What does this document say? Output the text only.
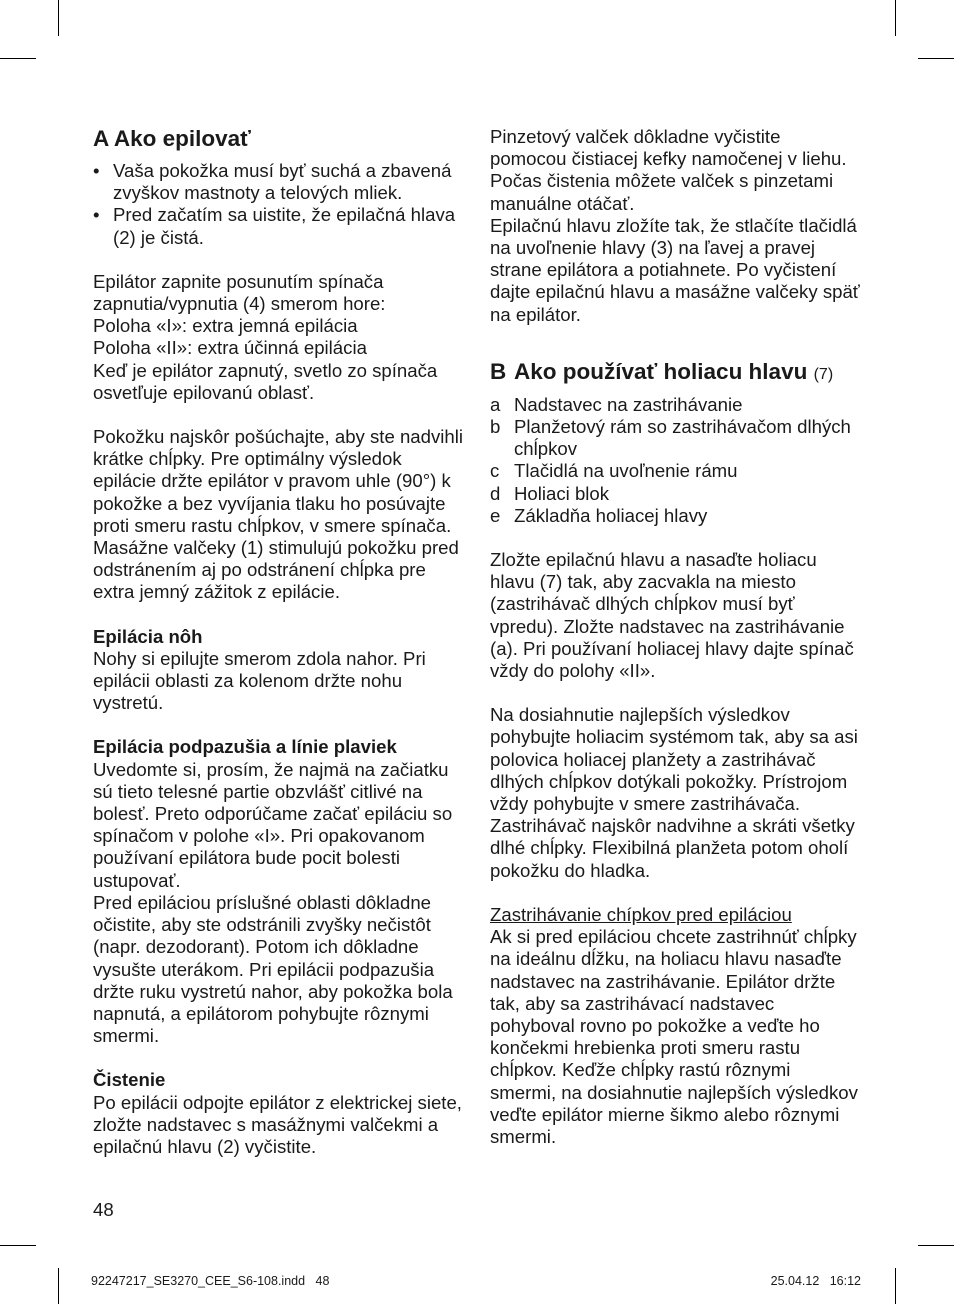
A Ako epilovať
• Vaša pokožka musí byť suchá a zbavená zvyškov mastnoty a telových mliek.
• Pred začatím sa uistite, že epilačná hlava (2) je čistá.

Epilátor zapnite posunutím spínača zapnutia/vypnutia (4) smerom hore:

Poloha «I»: extra jemná epilácia

Poloha «II»: extra účinná epilácia

Keď je epilátor zapnutý, svetlo zo spínača osvetľuje epilovanú oblasť.

Pokožku najskôr pošúchajte, aby ste nadvihli krátke chĺpky. Pre optimálny výsledok epilácie držte epilátor v pravom uhle (90°) k pokožke a bez vyvíjania tlaku ho posúvajte proti smeru rastu chĺpkov, v smere spínača. Masážne valčeky (1) stimulujú pokožku pred odstránením aj po odstránení chĺpka pre extra jemný zážitok z epilácie.

Epilácia nôh

Nohy si epilujte smerom zdola nahor. Pri epilácii oblasti za kolenom držte nohu vystretú.

Epilácia podpazušia a línie plaviek

Uvedomte si, prosím, že najmä na začiatku sú tieto telesné partie obzvlášť citlivé na bolesť. Preto odporúčame začať epiláciu so spínačom v polohe «I». Pri opakovanom používaní epilátora bude pocit bolesti ustupovať.

Pred epiláciou príslušné oblasti dôkladne očistite, aby ste odstránili zvyšky nečistôt (napr. dezodorant). Potom ich dôkladne vysušte uterákom. Pri epilácii podpazušia držte ruku vystretú nahor, aby pokožka bola napnutá, a epilátorom pohybujte rôznymi smermi.

Čistenie

Po epilácii odpojte epilátor z elektrickej siete, zložte nadstavec s masážnymi valčekmi a epilačnú hlavu (2) vyčistite.

Pinzetový valček dôkladne vyčistite pomocou čistiacej kefky namočenej v liehu. Počas čistenia môžete valček s pinzetami manuálne otáčať.

Epilačnú hlavu zložíte tak, že stlačíte tlačidlá na uvoľnenie hlavy (3) na ľavej a pravej strane epilátora a potiahnete. Po vyčistení dajte epilačnú hlavu a masážne valčeky späť na epilátor.

B Ako používať holiacu hlavu (7)
a Nadstavec na zastrihávanie
b Planžetový rám so zastrihávačom dlhých chĺpkov
c Tlačidlá na uvoľnenie rámu
d Holiaci blok
e Základňa holiacej hlavy

Zložte epilačnú hlavu a nasaďte holiacu hlavu (7) tak, aby zacvakla na miesto (zastrihávač dlhých chĺpkov musí byť vpredu). Zložte nadstavec na zastrihávanie (a). Pri používaní holiacej hlavy dajte spínač vždy do polohy «II».

Na dosiahnutie najlepších výsledkov pohybujte holiacim systémom tak, aby sa asi polovica holiacej planžety a zastrihávač dlhých chĺpkov dotýkali pokožky. Prístrojom vždy pohybujte v smere zastrihávača. Zastrihávač najskôr nadvihne a skráti všetky dlhé chĺpky. Flexibilná planžeta potom oholí pokožku do hladka.

Zastrihávanie chípkov pred epiláciou

Ak si pred epiláciou chcete zastrihnúť chĺpky na ideálnu dĺžku, na holiacu hlavu nasaďte nadstavec na zastrihávanie. Epilátor držte tak, aby sa zastrihávací nadstavec pohyboval rovno po pokožke a veďte ho končekmi hrebienka proti smeru rastu chĺpkov. Keďže chĺpky rastú rôznymi smermi, na dosiahnutie najlepších výsledkov veďte epilátor mierne šikmo alebo rôznymi smermi.

48
92247217_SE3270_CEE_S6-108.indd   48	25.04.12   16:12
